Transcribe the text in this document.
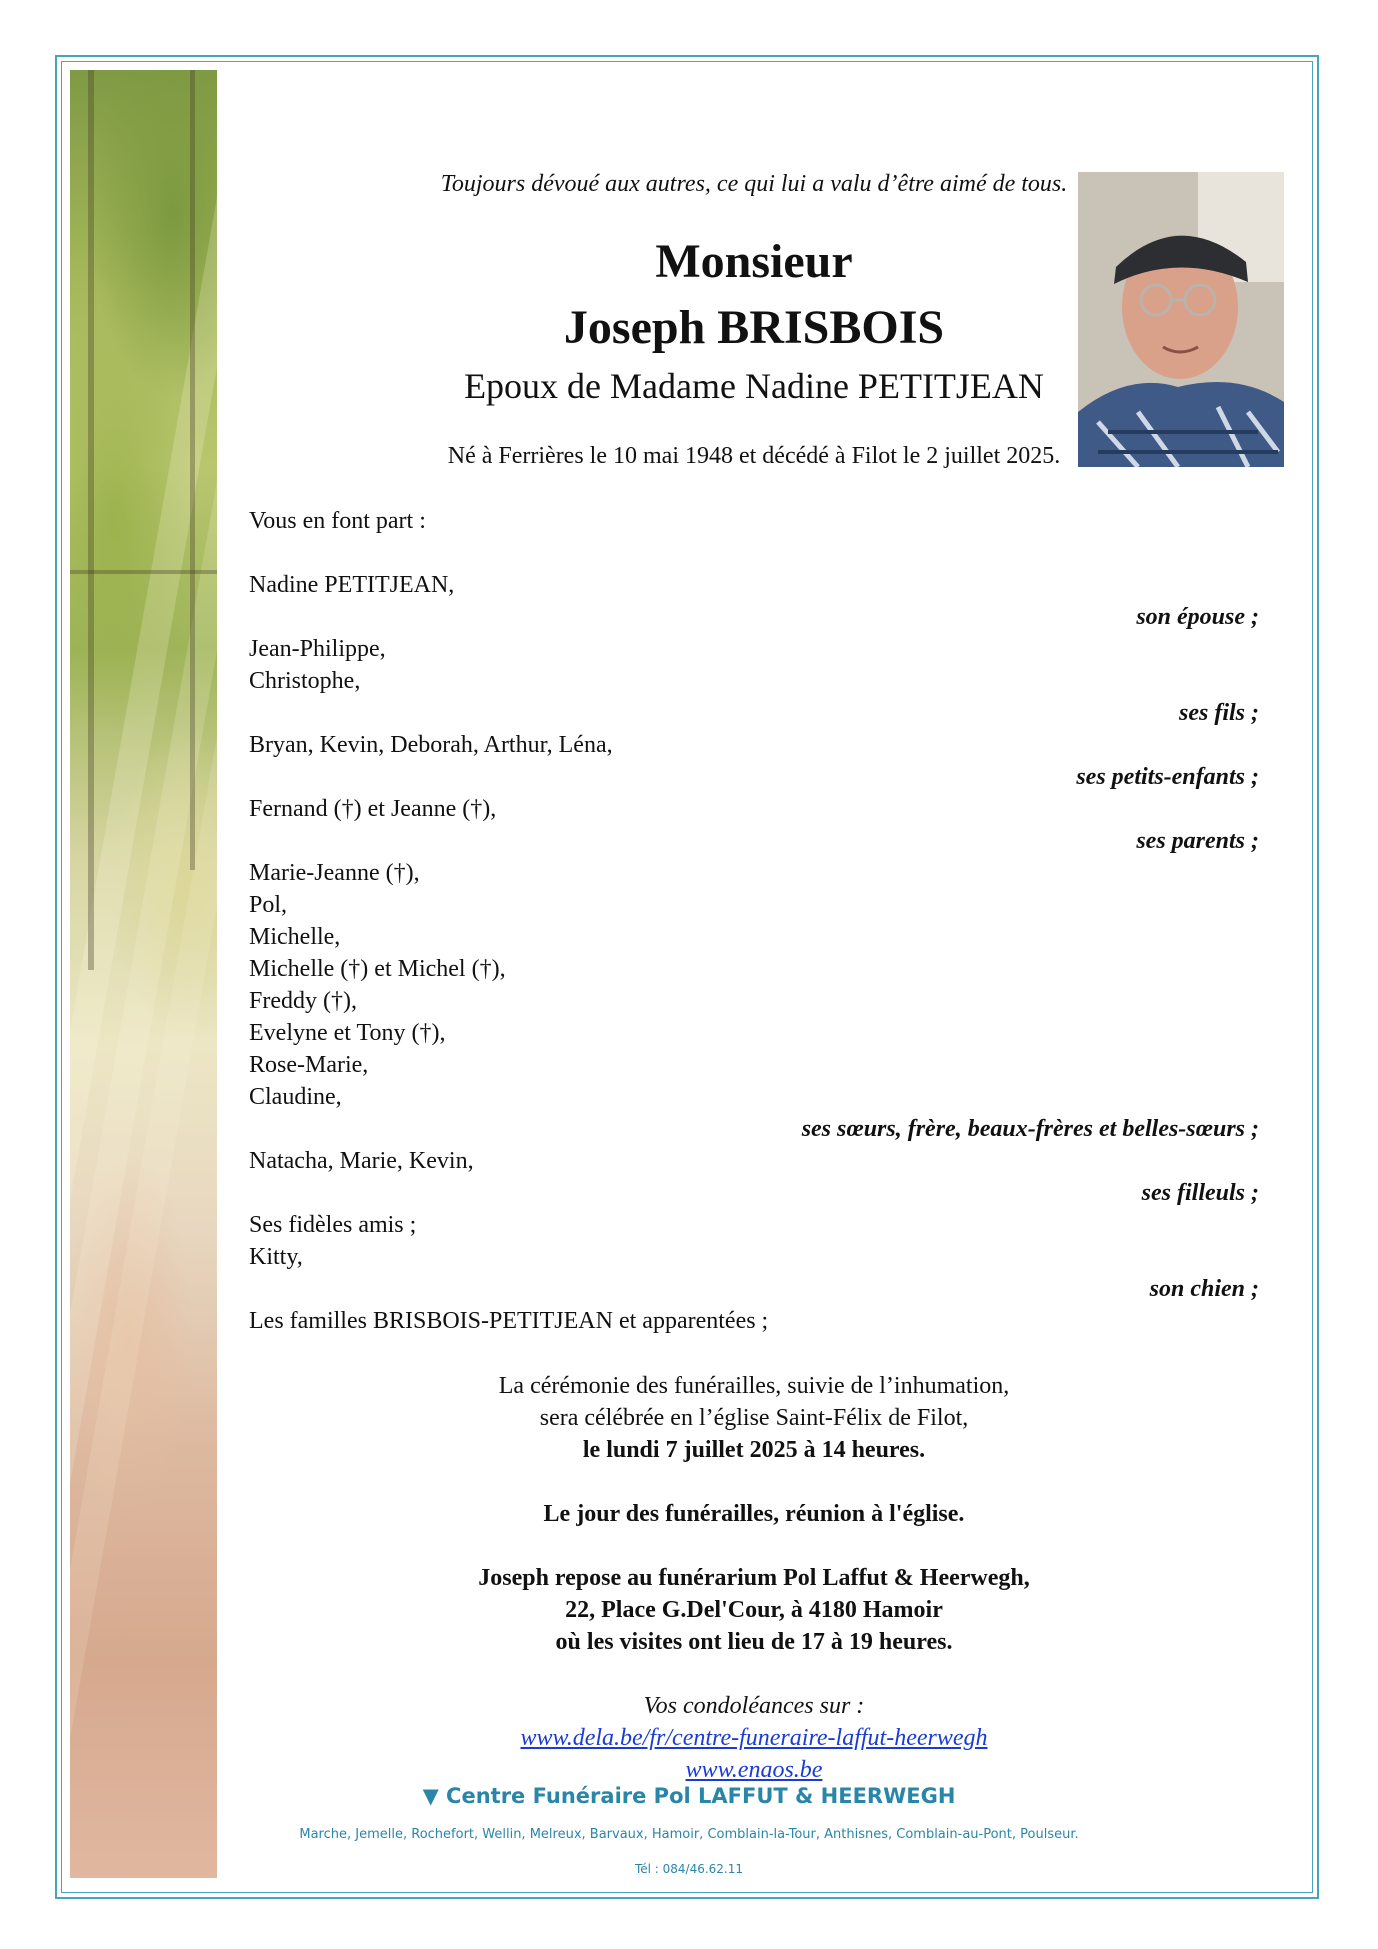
Toujours dévoué aux autres, ce qui lui a valu d’être aimé de tous.
Monsieur
Joseph BRISBOIS
Epoux de Madame Nadine PETITJEAN
Né à Ferrières le 10 mai 1948 et décédé à Filot le 2 juillet 2025.
Vous en font part :
Nadine PETITJEAN,
son épouse ;
Jean-Philippe,
Christophe,
ses fils ;
Bryan, Kevin, Deborah, Arthur, Léna,
ses petits-enfants ;
Fernand (†) et Jeanne (†),
ses parents ;
Marie-Jeanne (†),
Pol,
Michelle,
Michelle (†) et Michel (†),
Freddy (†),
Evelyne et Tony (†),
Rose-Marie,
Claudine,
ses sœurs, frère, beaux-frères et belles-sœurs ;
Natacha, Marie, Kevin,
ses filleuls ;
Ses fidèles amis ;
Kitty,
son chien ;
Les familles BRISBOIS-PETITJEAN et apparentées ;
La cérémonie des funérailles, suivie de l’inhumation,
sera célébrée en l’église Saint-Félix de Filot,
le lundi 7 juillet 2025 à 14 heures.
Le jour des funérailles, réunion à l'église.
Joseph repose au funérarium Pol Laffut & Heerwegh,
22, Place G.Del'Cour, à 4180 Hamoir
où les visites ont lieu de 17 à 19 heures.
Vos condoléances sur :
www.dela.be/fr/centre-funeraire-laffut-heerwegh
www.enaos.be
▼ Centre Funéraire Pol LAFFUT & HEERWEGH
Marche, Jemelle, Rochefort, Wellin, Melreux, Barvaux, Hamoir, Comblain-la-Tour, Anthisnes, Comblain-au-Pont, Poulseur.
Tél : 084/46.62.11
